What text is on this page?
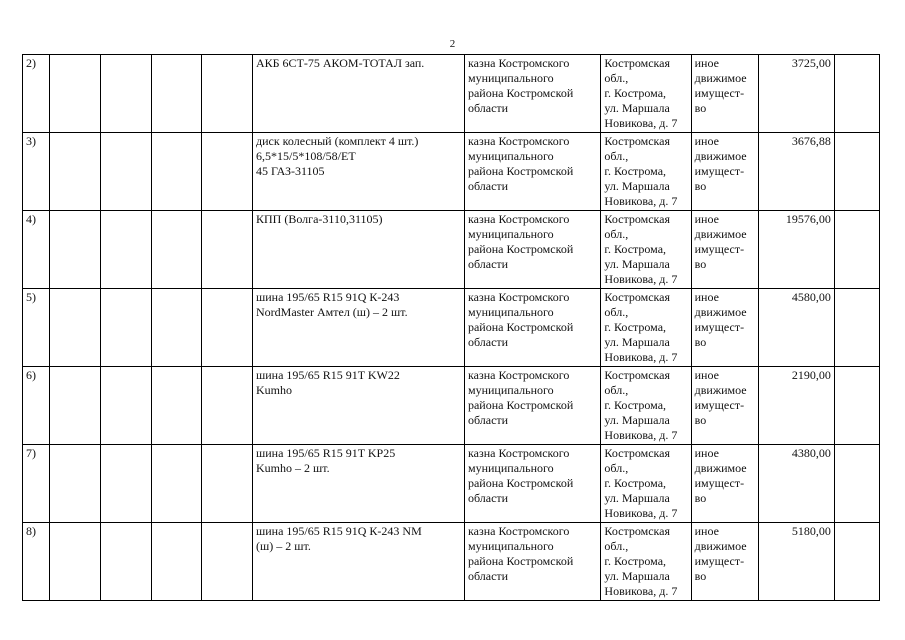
2
2)					АКБ 6СТ-75 АКОМ-ТОТАЛ зап.	казна Костромского
муниципального
района Костромской
области	Костромская
обл.,
г. Кострома,
ул. Маршала
Новикова, д. 7	иное
движимое
имущест-
во	3725,00	
3)					диск колесный (комплект 4 шт.)
6,5*15/5*108/58/ЕТ
45 ГАЗ-31105	казна Костромского
муниципального
района Костромской
области	Костромская
обл.,
г. Кострома,
ул. Маршала
Новикова, д. 7	иное
движимое
имущест-
во	3676,88	
4)					КПП (Волга-3110,31105)	казна Костромского
муниципального
района Костромской
области	Костромская
обл.,
г. Кострома,
ул. Маршала
Новикова, д. 7	иное
движимое
имущест-
во	19576,00	
5)					шина 195/65 R15 91Q К-243
NordMaster Амтел (ш) – 2 шт.	казна Костромского
муниципального
района Костромской
области	Костромская
обл.,
г. Кострома,
ул. Маршала
Новикова, д. 7	иное
движимое
имущест-
во	4580,00	
6)					шина 195/65 R15 91T KW22
Kumho	казна Костромского
муниципального
района Костромской
области	Костромская
обл.,
г. Кострома,
ул. Маршала
Новикова, д. 7	иное
движимое
имущест-
во	2190,00	
7)					шина 195/65 R15 91T KP25
Kumho – 2 шт.	казна Костромского
муниципального
района Костромской
области	Костромская
обл.,
г. Кострома,
ул. Маршала
Новикова, д. 7	иное
движимое
имущест-
во	4380,00	
8)					шина 195/65 R15 91Q К-243 NM
(ш) – 2 шт.	казна Костромского
муниципального
района Костромской
области	Костромская
обл.,
г. Кострома,
ул. Маршала
Новикова, д. 7	иное
движимое
имущест-
во	5180,00	
